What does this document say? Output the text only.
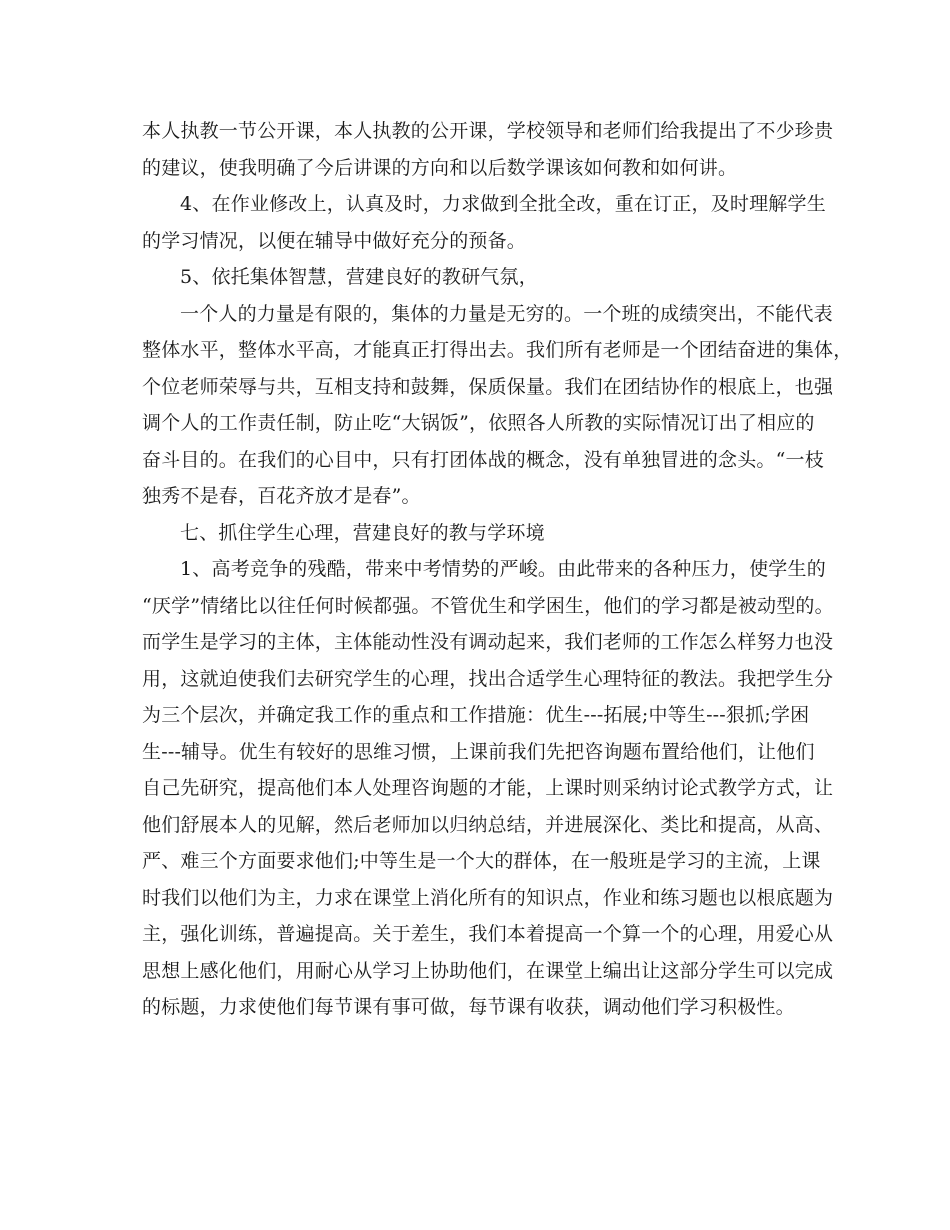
本人执教一节公开课，本人执教的公开课，学校领导和老师们给我提出了不少珍贵
的建议，使我明确了今后讲课的方向和以后数学课该如何教和如何讲。
4、在作业修改上，认真及时，力求做到全批全改，重在订正，及时理解学生
的学习情况，以便在辅导中做好充分的预备。
5、依托集体智慧，营建良好的教研气氛，
一个人的力量是有限的，集体的力量是无穷的。一个班的成绩突出，不能代表
整体水平，整体水平高，才能真正打得出去。我们所有老师是一个团结奋进的集体，
个位老师荣辱与共，互相支持和鼓舞，保质保量。我们在团结协作的根底上，也强
调个人的工作责任制，防止吃“大锅饭”，依照各人所教的实际情况订出了相应的
奋斗目的。在我们的心目中，只有打团体战的概念，没有单独冒进的念头。“一枝
独秀不是春，百花齐放才是春”。
七、抓住学生心理，营建良好的教与学环境
1、高考竞争的残酷，带来中考情势的严峻。由此带来的各种压力，使学生的
“厌学”情绪比以往任何时候都强。不管优生和学困生，他们的学习都是被动型的。
而学生是学习的主体，主体能动性没有调动起来，我们老师的工作怎么样努力也没
用，这就迫使我们去研究学生的心理，找出合适学生心理特征的教法。我把学生分
为三个层次，并确定我工作的重点和工作措施：优生---拓展;中等生---狠抓;学困
生---辅导。优生有较好的思维习惯，上课前我们先把咨询题布置给他们，让他们
自己先研究，提高他们本人处理咨询题的才能，上课时则采纳讨论式教学方式，让
他们舒展本人的见解，然后老师加以归纳总结，并进展深化、类比和提高，从高、
严、难三个方面要求他们;中等生是一个大的群体，在一般班是学习的主流，上课
时我们以他们为主，力求在课堂上消化所有的知识点，作业和练习题也以根底题为
主，强化训练，普遍提高。关于差生，我们本着提高一个算一个的心理，用爱心从
思想上感化他们，用耐心从学习上协助他们，在课堂上编出让这部分学生可以完成
的标题，力求使他们每节课有事可做，每节课有收获，调动他们学习积极性。
